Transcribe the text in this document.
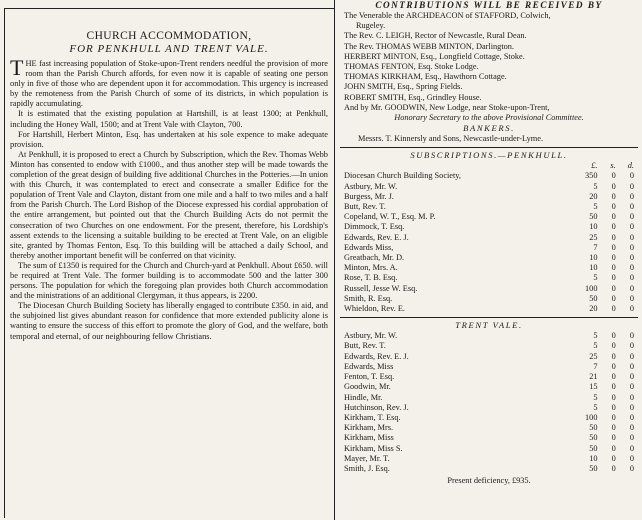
CHURCH ACCOMMODATION,
FOR PENKHULL AND TRENT VALE.

THE fast increasing population of Stoke-upon-Trent renders needful the provision of more room than the Parish Church affords, for even now it is capable of seating one person only in five of those who are dependent upon it for accommodation. This urgency is increased by the remoteness from the Parish Church of some of its districts, in which population is rapidly accumulating.

It is estimated that the existing population at Hartshill, is at least 1300; at Penkhull, including the Honey Wall, 1500; and at Trent Vale with Clayton, 700.

For Hartshill, Herbert Minton, Esq. has undertaken at his sole expence to make adequate provision.

At Penkhull, it is proposed to erect a Church by Subscription, which the Rev. Thomas Webb Minton has consented to endow with £1000., and thus another step will be made towards the completion of the great design of building five additional Churches in the Potteries.—In union with this Church, it was contemplated to erect and consecrate a smaller Edifice for the population of Trent Vale and Clayton, distant from one mile and a half to two miles and a half from the Parish Church. The Lord Bishop of the Diocese expressed his cordial approbation of the entire arrangement, but pointed out that the Church Building Acts do not permit the consecration of two Churches on one endowment. For the present, therefore, his Lordship's assent extends to the licensing a suitable building to be erected at Trent Vale, on an eligible site, granted by Thomas Fenton, Esq. To this building will be attached a daily School, and thereby another important benefit will be conferred on that vicinity.

The sum of £1350 is required for the Church and Church-yard at Penkhull. About £650. will be required at Trent Vale. The former building is to accommodate 500 and the latter 300 persons. The population for which the foregoing plan provides both Church accommodation and the ministrations of an additional Clergyman, it thus appears, is 2200.

The Diocesan Church Building Society has liberally engaged to contribute £350. in aid, and the subjoined list gives abundant reason for confidence that more extended publicity alone is wanting to ensure the success of this effort to promote the glory of God, and the welfare, both temporal and eternal, of our neighbouring fellow Christians.

CONTRIBUTIONS WILL BE RECEIVED BY
The Venerable the ARCHDEACON of STAFFORD, Colwich,
Rugeley.
The Rev. C. LEIGH, Rector of Newcastle, Rural Dean.
The Rev. THOMAS WEBB MINTON, Darlington.
HERBERT MINTON, Esq., Longfield Cottage, Stoke.
THOMAS FENTON, Esq. Stoke Lodge.
THOMAS KIRKHAM, Esq., Hawthorn Cottage.
JOHN SMITH, Esq., Spring Fields.
ROBERT SMITH, Esq., Grindley House.
And by Mr. GOODWIN, New Lodge, near Stoke-upon-Trent,
Honorary Secretary to the above Provisional Committee.
BANKERS.
Messrs. T. Kinnersly and Sons, Newcastle-under-Lyme.
SUBSCRIPTIONS.—PENKHULL.
	£.	s.	d.
Diocesan Church Building Society,	350	0	0
Astbury, Mr. W.	5	0	0
Burgess, Mr. J.	20	0	0
Butt, Rev. T.	5	0	0
Copeland, W. T., Esq. M. P.	50	0	0
Dimmock, T. Esq.	10	0	0
Edwards, Rev. E. J.	25	0	0
Edwards Miss,	7	0	0
Greatbach, Mr. D.	10	0	0
Minton, Mrs. A.	10	0	0
Rose, T. B. Esq.	5	0	0
Russell, Jesse W. Esq.	100	0	0
Smith, R. Esq.	50	0	0
Whieldon, Rev. E.	20	0	0
TRENT VALE.
Astbury, Mr. W.	5	0	0
Butt, Rev. T.	5	0	0
Edwards, Rev. E. J.	25	0	0
Edwards, Miss	7	0	0
Fenton, T. Esq.	21	0	0
Goodwin, Mr.	15	0	0
Hindle, Mr.	5	0	0
Hutchinson, Rev. J.	5	0	0
Kirkham, T. Esq.	100	0	0
Kirkham, Mrs.	50	0	0
Kirkham, Miss	50	0	0
Kirkham, Miss S.	50	0	0
Mayer, Mr. T.	10	0	0
Smith, J. Esq.	50	0	0
Present deficiency, £935.
